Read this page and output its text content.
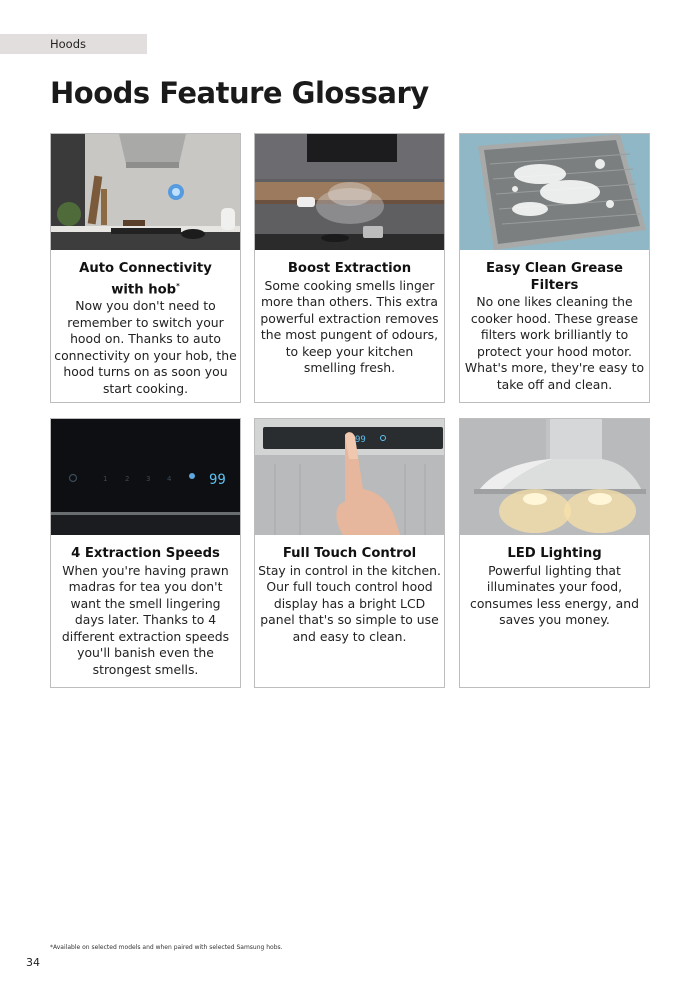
Hoods
Hoods Feature Glossary
Auto Connectivity
with hob*
Now you don't need to remember to switch your hood on. Thanks to auto connectivity on your hob, the hood turns on as soon you start cooking.
Boost Extraction
Some cooking smells linger more than others. This extra powerful extraction removes the most pungent of odours, to keep your kitchen smelling fresh.
Easy Clean Grease Filters
No one likes cleaning the cooker hood. These grease filters work brilliantly to protect your hood motor. What's more, they're easy to take off and clean.
1	2 3 4	99
4 Extraction Speeds
When you're having prawn madras for tea you don't want the smell lingering days later. Thanks to 4 different extraction speeds you'll banish even the strongest smells.
99
Full Touch Control
Stay in control in the kitchen. Our full touch control hood display has a bright LCD panel that's so simple to use and easy to clean.
LED Lighting
Powerful lighting that illuminates your food, consumes less energy, and saves you money.
*Available on selected models and when paired with selected Samsung hobs.
34
